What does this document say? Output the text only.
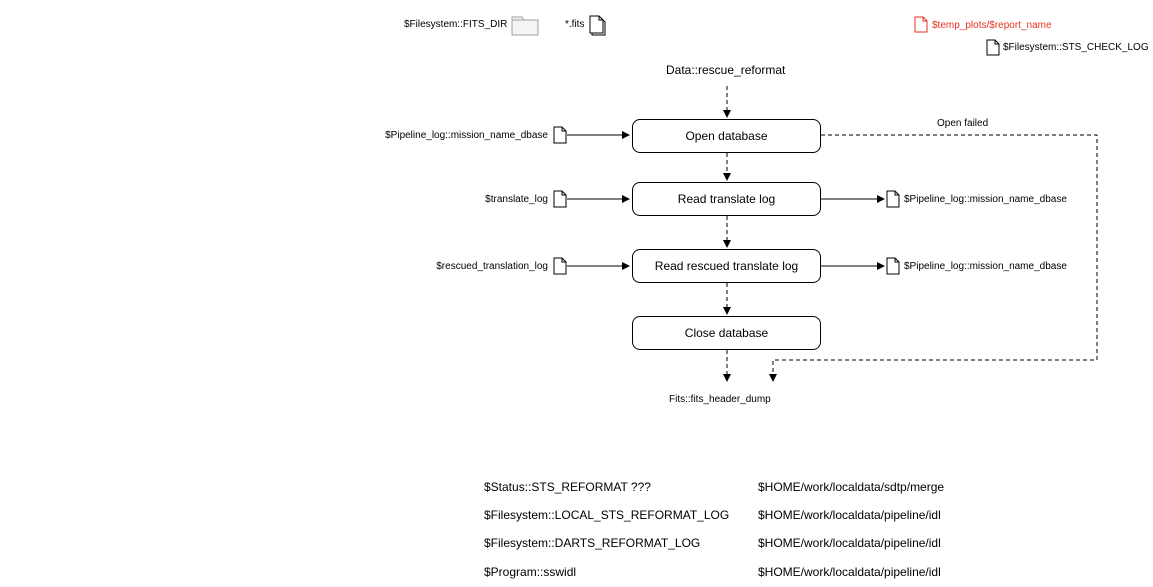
$Filesystem::FITS_DIR	*.fits	$temp_plots/$report_name
$Filesystem::STS_CHECK_LOG
Data::rescue_reformat
Fits::fits_header_dump
Open failed
Open database
Read translate log
Read rescued translate log
Close database
$Pipeline_log::mission_name_dbase
$translate_log
$rescued_translation_log
$Pipeline_log::mission_name_dbase
$Pipeline_log::mission_name_dbase
$Status::STS_REFORMAT ???	$HOME/work/localdata/sdtp/merge
$Filesystem::LOCAL_STS_REFORMAT_LOG $HOME/work/localdata/pipeline/idl
$Filesystem::DARTS_REFORMAT_LOG	$HOME/work/localdata/pipeline/idl
$Program::sswidl	$HOME/work/localdata/pipeline/idl
